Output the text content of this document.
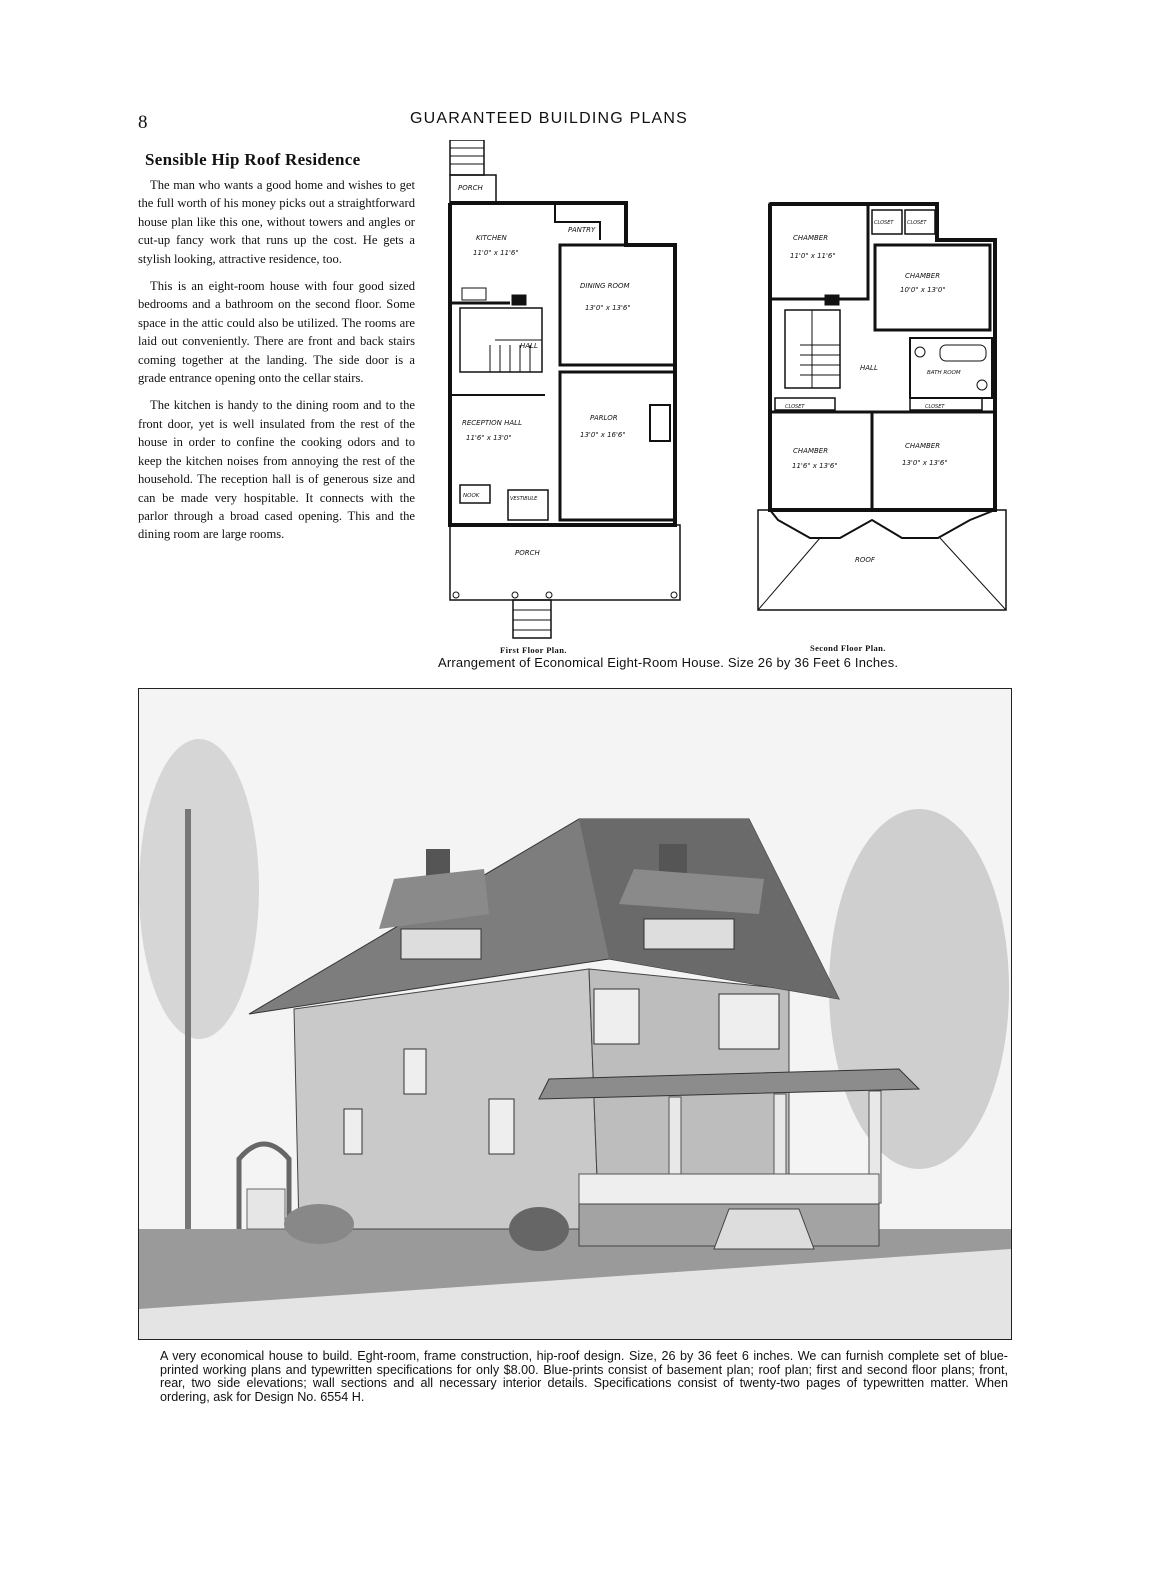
8	GUARANTEED BUILDING PLANS
Sensible Hip Roof Residence

The man who wants a good home and wishes to get the full worth of his money picks out a straightforward house plan like this one, without towers and angles or cut-up fancy work that runs up the cost. He gets a stylish looking, attractive residence, too.

This is an eight-room house with four good sized bedrooms and a bathroom on the second floor. Some space in the attic could also be utilized. The rooms are laid out conveniently. There are front and back stairs coming together at the landing. The side door is a grade entrance opening onto the cellar stairs.

The kitchen is handy to the dining room and to the front door, yet is well insulated from the rest of the house in order to confine the cooking odors and to keep the kitchen noises from annoying the rest of the household. The reception hall is of generous size and can be made very hospitable. It connects with the parlor through a broad cased opening. This and the dining room are large rooms.

PORCH
PANTRY
KITCHEN
11'0" x 11'6"
DINING ROOM
13'0" x 13'6"
HALL
RECEPTION HALL
11'6" x 13'0"
PARLOR
13'0" x 16'6"
NOOK	VESTIBULE
PORCH
First Floor Plan.
CHAMBER
11'0" x 11'6"
CLOSET	CLOSET
CHAMBER
10'0" x 13'0"
HALL
BATH ROOM
CLOSET	CLOSET
CHAMBER
11'6" x 13'6"
CHAMBER
13'0" x 13'6"
ROOF
Second Floor Plan.
Arrangement of Economical Eight-Room House. Size 26 by 36 Feet 6 Inches.
A very economical house to build. Eght-room, frame construction, hip-roof design. Size, 26 by 36 feet 6 inches. We can furnish complete set of blue-printed working plans and typewritten specifications for only $8.00. Blue-prints consist of basement plan; roof plan; first and second floor plans; front, rear, two side elevations; wall sections and all necessary interior details. Specifications consist of twenty-two pages of typewritten matter. When ordering, ask for Design No. 6554 H.
